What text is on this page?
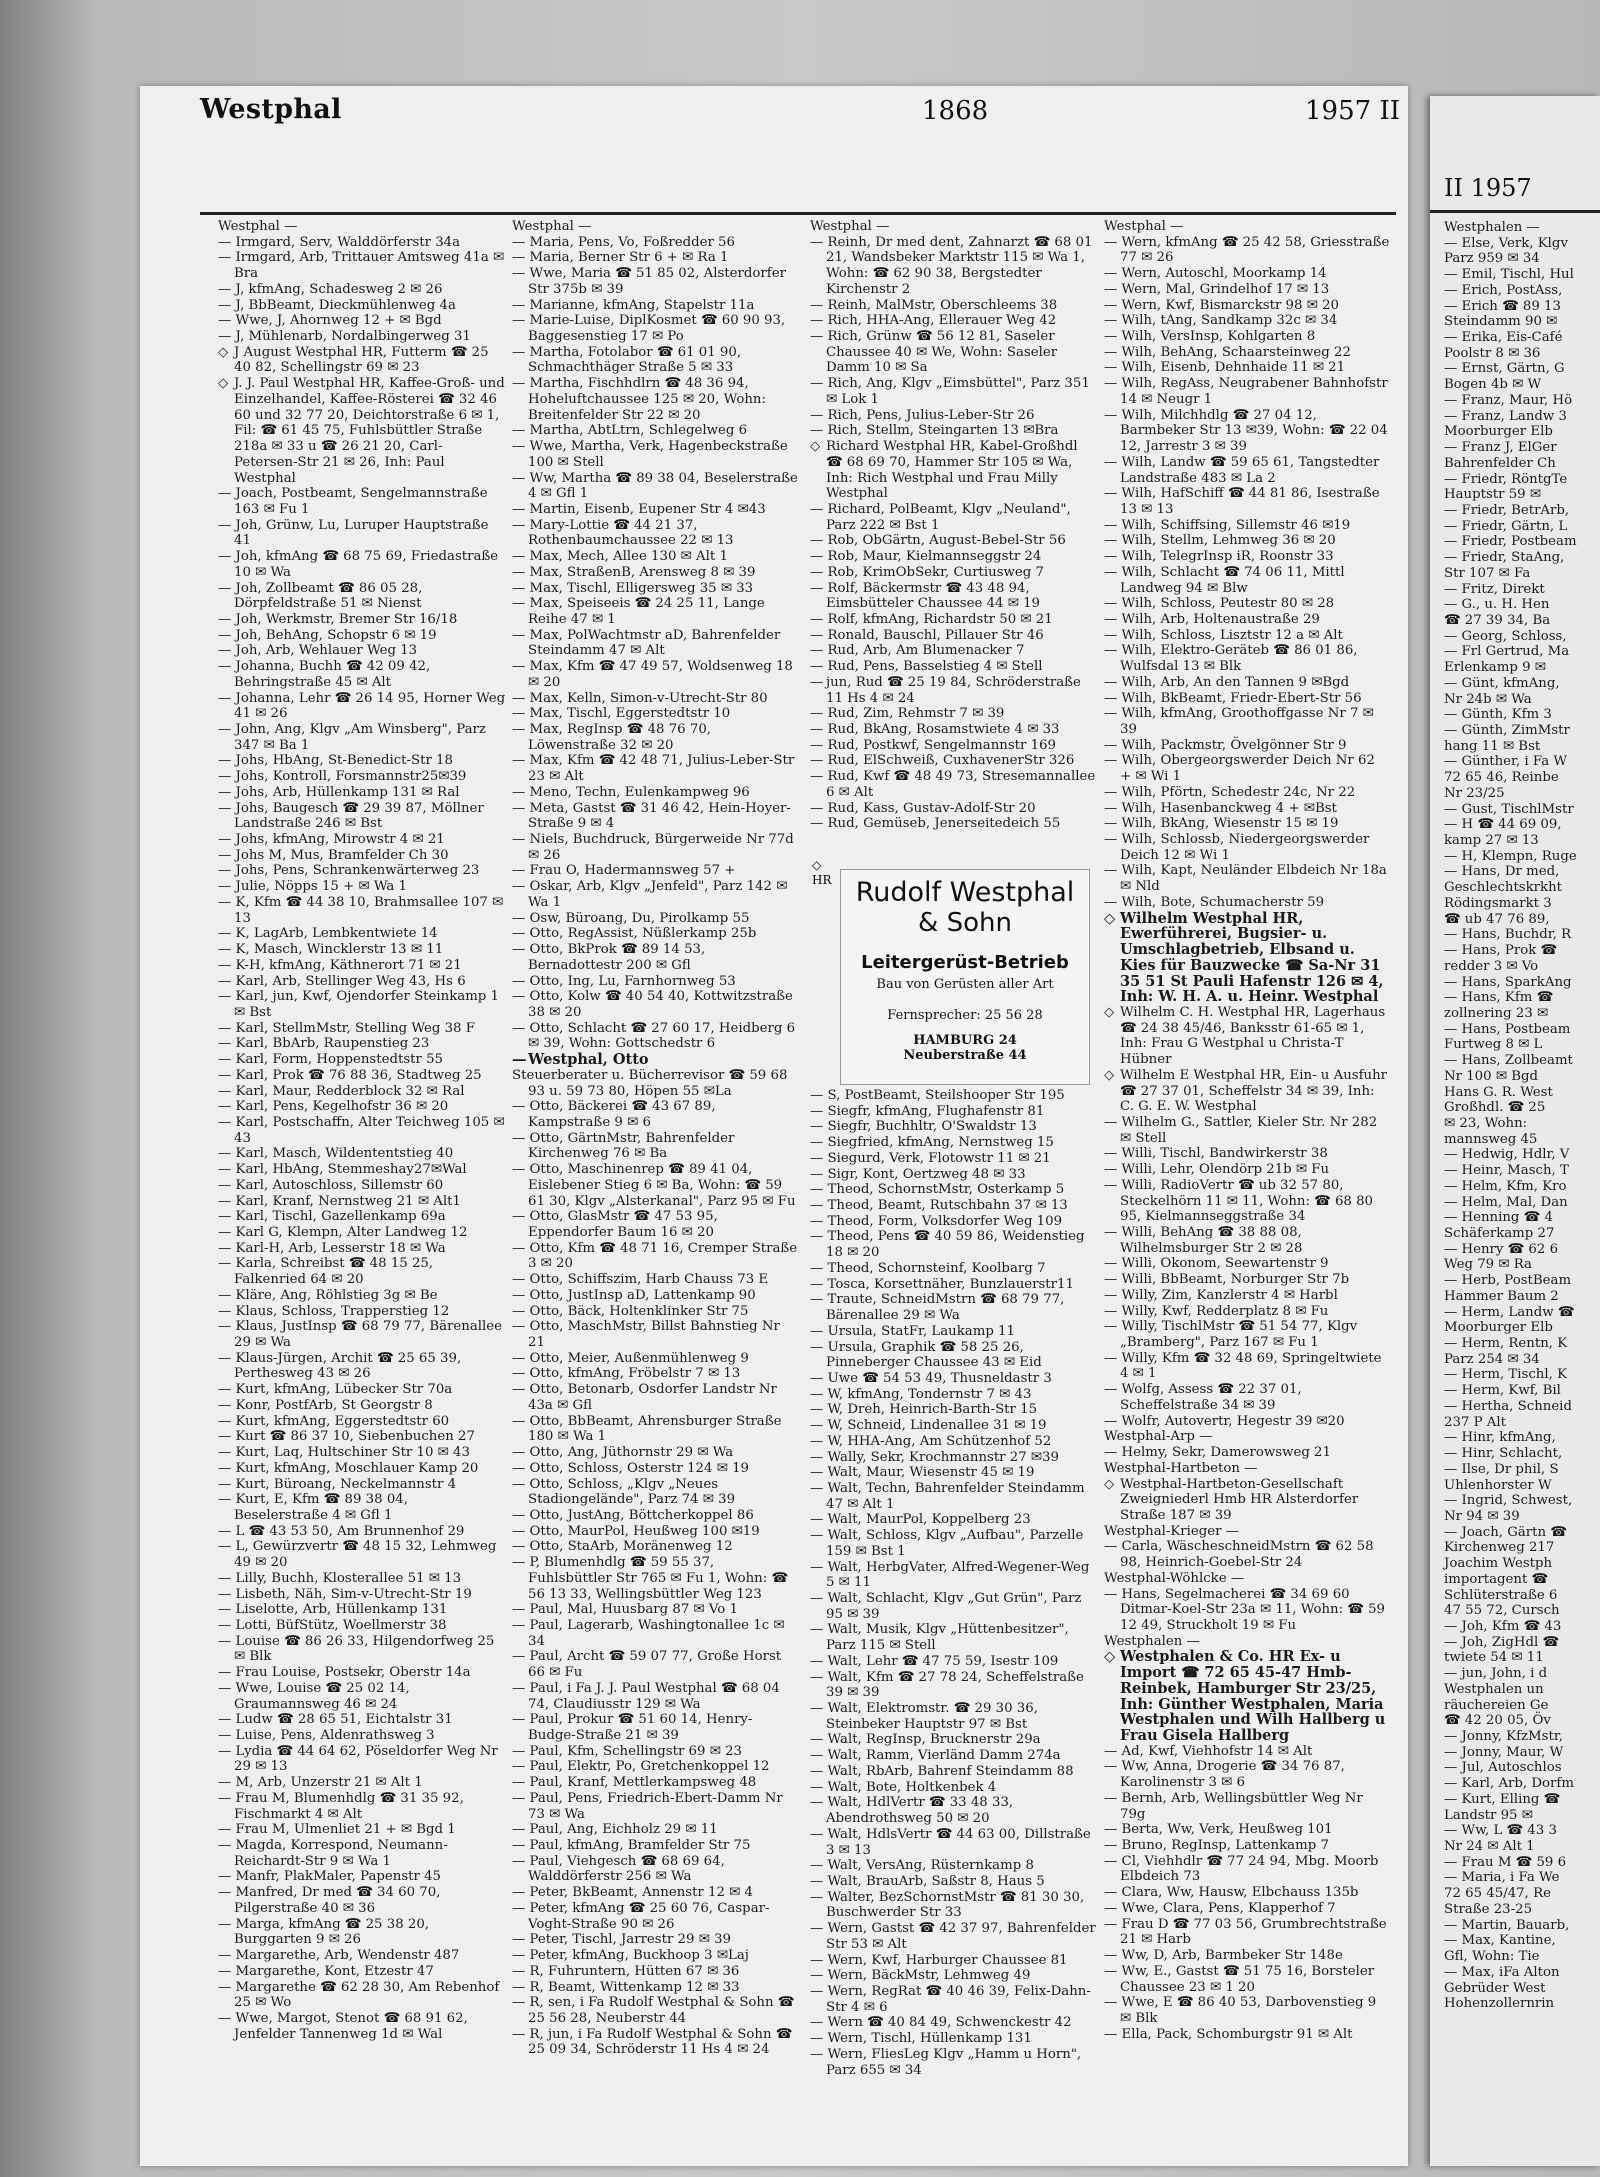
Westphal	1868	1957 II
Westphal —
— Irmgard, Serv, Walddörferstr 34a
— Irmgard, Arb, Trittauer Amtsweg 41a ✉ Bra
— J, kfmAng, Schadesweg 2 ✉ 26
— J, BbBeamt, Dieckmühlenweg 4a
— Wwe, J, Ahornweg 12 + ✉ Bgd
— J, Mühlenarb, Nordalbingerweg 31
◇ J August Westphal HR, Futterm ☎ 25 40 82, Schellingstr 69 ✉ 23
◇ J. J. Paul Westphal HR, Kaffee-Groß- und Einzelhandel, Kaffee-Rösterei ☎ 32 46 60 und 32 77 20, Deichtorstraße 6 ✉ 1, Fil: ☎ 61 45 75, Fuhlsbüttler Straße 218a ✉ 33 u ☎ 26 21 20, Carl-Petersen-Str 21 ✉ 26, Inh: Paul Westphal
— Joach, Postbeamt, Sengelmannstraße 163 ✉ Fu 1
— Joh, Grünw, Lu, Luruper Hauptstraße 41
— Joh, kfmAng ☎ 68 75 69, Friedastraße 10 ✉ Wa
— Joh, Zollbeamt ☎ 86 05 28, Dörpfeldstraße 51 ✉ Nienst
— Joh, Werkmstr, Bremer Str 16/18
— Joh, BehAng, Schopstr 6 ✉ 19
— Joh, Arb, Wehlauer Weg 13
— Johanna, Buchh ☎ 42 09 42, Behringstraße 45 ✉ Alt
— Johanna, Lehr ☎ 26 14 95, Horner Weg 41 ✉ 26
— John, Ang, Klgv „Am Winsberg", Parz 347 ✉ Ba 1
— Johs, HbAng, St-Benedict-Str 18
— Johs, Kontroll, Forsmannstr25✉39
— Johs, Arb, Hüllenkamp 131 ✉ Ral
— Johs, Baugesch ☎ 29 39 87, Möllner Landstraße 246 ✉ Bst
— Johs, kfmAng, Mirowstr 4 ✉ 21
— Johs M, Mus, Bramfelder Ch 30
— Johs, Pens, Schrankenwärterweg 23
— Julie, Nöpps 15 + ✉ Wa 1
— K, Kfm ☎ 44 38 10, Brahmsallee 107 ✉ 13
— K, LagArb, Lembkentwiete 14
— K, Masch, Wincklerstr 13 ✉ 11
— K-H, kfmAng, Käthnerort 71 ✉ 21
— Karl, Arb, Stellinger Weg 43, Hs 6
— Karl, jun, Kwf, Ojendorfer Steinkamp 1 ✉ Bst
— Karl, StellmMstr, Stelling Weg 38 F
— Karl, BbArb, Raupenstieg 23
— Karl, Form, Hoppenstedtstr 55
— Karl, Prok ☎ 76 88 36, Stadtweg 25
— Karl, Maur, Redderblock 32 ✉ Ral
— Karl, Pens, Kegelhofstr 36 ✉ 20
— Karl, Postschaffn, Alter Teichweg 105 ✉ 43
— Karl, Masch, Wildententstieg 40
— Karl, HbAng, Stemmeshay27✉Wal
— Karl, Autoschloss, Sillemstr 60
— Karl, Kranf, Nernstweg 21 ✉ Alt1
— Karl, Tischl, Gazellenkamp 69a
— Karl G, Klempn, Alter Landweg 12
— Karl-H, Arb, Lesserstr 18 ✉ Wa
— Karla, Schreibst ☎ 48 15 25, Falkenried 64 ✉ 20
— Kläre, Ang, Röhlstieg 3g ✉ Be
— Klaus, Schloss, Trapperstieg 12
— Klaus, JustInsp ☎ 68 79 77, Bärenallee 29 ✉ Wa
— Klaus-Jürgen, Archit ☎ 25 65 39, Perthesweg 43 ✉ 26
— Kurt, kfmAng, Lübecker Str 70a
— Konr, PostfArb, St Georgstr 8
— Kurt, kfmAng, Eggerstedtstr 60
— Kurt ☎ 86 37 10, Siebenbuchen 27
— Kurt, Laq, Hultschiner Str 10 ✉ 43
— Kurt, kfmAng, Moschlauer Kamp 20
— Kurt, Büroang, Neckelmannstr 4
— Kurt, E, Kfm ☎ 89 38 04, Beselerstraße 4 ✉ Gfl 1
— L ☎ 43 53 50, Am Brunnenhof 29
— L, Gewürzvertr ☎ 48 15 32, Lehmweg 49 ✉ 20
— Lilly, Buchh, Klosterallee 51 ✉ 13
— Lisbeth, Näh, Sim-v-Utrecht-Str 19
— Liselotte, Arb, Hüllenkamp 131
— Lotti, BüfStütz, Woellmerstr 38
— Louise ☎ 86 26 33, Hilgendorfweg 25 ✉ Blk
— Frau Louise, Postsekr, Oberstr 14a
— Wwe, Louise ☎ 25 02 14, Graumannsweg 46 ✉ 24
— Ludw ☎ 28 65 51, Eichtalstr 31
— Luise, Pens, Aldenrathsweg 3
— Lydia ☎ 44 64 62, Pöseldorfer Weg Nr 29 ✉ 13
— M, Arb, Unzerstr 21 ✉ Alt 1
— Frau M, Blumenhdlg ☎ 31 35 92, Fischmarkt 4 ✉ Alt
— Frau M, Ulmenliet 21 + ✉ Bgd 1
— Magda, Korrespond, Neumann-Reichardt-Str 9 ✉ Wa 1
— Manfr, PlakMaler, Papenstr 45
— Manfred, Dr med ☎ 34 60 70, Pilgerstraße 40 ✉ 36
— Marga, kfmAng ☎ 25 38 20, Burggarten 9 ✉ 26
— Margarethe, Arb, Wendenstr 487
— Margarethe, Kont, Etzestr 47
— Margarethe ☎ 62 28 30, Am Rebenhof 25 ✉ Wo
— Wwe, Margot, Stenot ☎ 68 91 62, Jenfelder Tannenweg 1d ✉ Wal
Westphal —
— Maria, Pens, Vo, Foßredder 56
— Maria, Berner Str 6 + ✉ Ra 1
— Wwe, Maria ☎ 51 85 02, Alsterdorfer Str 375b ✉ 39
— Marianne, kfmAng, Stapelstr 11a
— Marie-Luise, DiplKosmet ☎ 60 90 93, Baggesenstieg 17 ✉ Po
— Martha, Fotolabor ☎ 61 01 90, Schmachthäger Straße 5 ✉ 33
— Martha, Fischhdlrn ☎ 48 36 94, Hoheluftchaussee 125 ✉ 20, Wohn: Breitenfelder Str 22 ✉ 20
— Martha, AbtLtrn, Schlegelweg 6
— Wwe, Martha, Verk, Hagenbeckstraße 100 ✉ Stell
— Ww, Martha ☎ 89 38 04, Beselerstraße 4 ✉ Gfl 1
— Martin, Eisenb, Eupener Str 4 ✉43
— Mary-Lottie ☎ 44 21 37, Rothenbaumchaussee 22 ✉ 13
— Max, Mech, Allee 130 ✉ Alt 1
— Max, StraßenB, Arensweg 8 ✉ 39
— Max, Tischl, Elligersweg 35 ✉ 33
— Max, Speiseeis ☎ 24 25 11, Lange Reihe 47 ✉ 1
— Max, PolWachtmstr aD, Bahrenfelder Steindamm 47 ✉ Alt
— Max, Kfm ☎ 47 49 57, Woldsenweg 18 ✉ 20
— Max, Kelln, Simon-v-Utrecht-Str 80
— Max, Tischl, Eggerstedtstr 10
— Max, RegInsp ☎ 48 76 70, Löwenstraße 32 ✉ 20
— Max, Kfm ☎ 42 48 71, Julius-Leber-Str 23 ✉ Alt
— Meno, Techn, Eulenkampweg 96
— Meta, Gastst ☎ 31 46 42, Hein-Hoyer-Straße 9 ✉ 4
— Niels, Buchdruck, Bürgerweide Nr 77d ✉ 26
— Frau O, Hadermannsweg 57 +
— Oskar, Arb, Klgv „Jenfeld", Parz 142 ✉ Wa 1
— Osw, Büroang, Du, Pirolkamp 55
— Otto, RegAssist, Nüßlerkamp 25b
— Otto, BkProk ☎ 89 14 53, Bernadottestr 200 ✉ Gfl
— Otto, Ing, Lu, Farnhornweg 53
— Otto, Kolw ☎ 40 54 40, Kottwitzstraße 38 ✉ 20
— Otto, Schlacht ☎ 27 60 17, Heidberg 6 ✉ 39, Wohn: Gottschedstr 6
— Westphal, Otto
Steuerberater u. Bücherrevisor ☎ 59 68 93 u. 59 73 80, Höpen 55 ✉La
— Otto, Bäckerei ☎ 43 67 89, Kampstraße 9 ✉ 6
— Otto, GärtnMstr, Bahrenfelder Kirchenweg 76 ✉ Ba
— Otto, Maschinenrep ☎ 89 41 04, Eislebener Stieg 6 ✉ Ba, Wohn: ☎ 59 61 30, Klgv „Alsterkanal", Parz 95 ✉ Fu
— Otto, GlasMstr ☎ 47 53 95, Eppendorfer Baum 16 ✉ 20
— Otto, Kfm ☎ 48 71 16, Cremper Straße 3 ✉ 20
— Otto, Schiffszim, Harb Chauss 73 E
— Otto, JustInsp aD, Lattenkamp 90
— Otto, Bäck, Holtenklinker Str 75
— Otto, MaschMstr, Billst Bahnstieg Nr 21
— Otto, Meier, Außenmühlenweg 9
— Otto, kfmAng, Fröbelstr 7 ✉ 13
— Otto, Betonarb, Osdorfer Landstr Nr 43a ✉ Gfl
— Otto, BbBeamt, Ahrensburger Straße 180 ✉ Wa 1
— Otto, Ang, Jüthornstr 29 ✉ Wa
— Otto, Schloss, Osterstr 124 ✉ 19
— Otto, Schloss, „Klgv „Neues Stadiongelände", Parz 74 ✉ 39
— Otto, JustAng, Böttcherkoppel 86
— Otto, MaurPol, Heußweg 100 ✉19
— Otto, StaArb, Moränenweg 12
— P, Blumenhdlg ☎ 59 55 37, Fuhlsbüttler Str 765 ✉ Fu 1, Wohn: ☎ 56 13 33, Wellingsbüttler Weg 123
— Paul, Mal, Huusbarg 87 ✉ Vo 1
— Paul, Lagerarb, Washingtonallee 1c ✉ 34
— Paul, Archt ☎ 59 07 77, Große Horst 66 ✉ Fu
— Paul, i Fa J. J. Paul Westphal ☎ 68 04 74, Claudiusstr 129 ✉ Wa
— Paul, Prokur ☎ 51 60 14, Henry-Budge-Straße 21 ✉ 39
— Paul, Kfm, Schellingstr 69 ✉ 23
— Paul, Elektr, Po, Gretchenkoppel 12
— Paul, Kranf, Mettlerkampsweg 48
— Paul, Pens, Friedrich-Ebert-Damm Nr 73 ✉ Wa
— Paul, Ang, Eichholz 29 ✉ 11
— Paul, kfmAng, Bramfelder Str 75
— Paul, Viehgesch ☎ 68 69 64, Walddörferstr 256 ✉ Wa
— Peter, BkBeamt, Annenstr 12 ✉ 4
— Peter, kfmAng ☎ 25 60 76, Caspar-Voght-Straße 90 ✉ 26
— Peter, Tischl, Jarrestr 29 ✉ 39
— Peter, kfmAng, Buckhoop 3 ✉Laj
— R, Fuhruntern, Hütten 67 ✉ 36
— R, Beamt, Wittenkamp 12 ✉ 33
— R, sen, i Fa Rudolf Westphal & Sohn ☎ 25 56 28, Neuberstr 44
— R, jun, i Fa Rudolf Westphal & Sohn ☎ 25 09 34, Schröderstr 11 Hs 4 ✉ 24
Westphal —
— Reinh, Dr med dent, Zahnarzt ☎ 68 01 21, Wandsbeker Marktstr 115 ✉ Wa 1, Wohn: ☎ 62 90 38, Bergstedter Kirchenstr 2
— Reinh, MalMstr, Oberschleems 38
— Rich, HHA-Ang, Ellerauer Weg 42
— Rich, Grünw ☎ 56 12 81, Saseler Chaussee 40 ✉ We, Wohn: Saseler Damm 10 ✉ Sa
— Rich, Ang, Klgv „Eimsbüttel", Parz 351 ✉ Lok 1
— Rich, Pens, Julius-Leber-Str 26
— Rich, Stellm, Steingarten 13 ✉Bra
◇ Richard Westphal HR, Kabel-Großhdl ☎ 68 69 70, Hammer Str 105 ✉ Wa, Inh: Rich Westphal und Frau Milly Westphal
— Richard, PolBeamt, Klgv „Neuland", Parz 222 ✉ Bst 1
— Rob, ObGärtn, August-Bebel-Str 56
— Rob, Maur, Kielmannseggstr 24
— Rob, KrimObSekr, Curtiusweg 7
— Rolf, Bäckermstr ☎ 43 48 94, Eimsbütteler Chaussee 44 ✉ 19
— Rolf, kfmAng, Richardstr 50 ✉ 21
— Ronald, Bauschl, Pillauer Str 46
— Rud, Arb, Am Blumenacker 7
— Rud, Pens, Basselstieg 4 ✉ Stell
— jun, Rud ☎ 25 19 84, Schröderstraße 11 Hs 4 ✉ 24
— Rud, Zim, Rehmstr 7 ✉ 39
— Rud, BkAng, Rosamstwiete 4 ✉ 33
— Rud, Postkwf, Sengelmannstr 169
— Rud, ElSchweiß, CuxhavenerStr 326
— Rud, Kwf ☎ 48 49 73, Stresemannallee 6 ✉ Alt
— Rud, Kass, Gustav-Adolf-Str 20
— Rud, Gemüseb, Jenerseitedeich 55
Rudolf Westphal
& Sohn
Leitergerüst-Betrieb
Bau von Gerüsten aller Art
Fernsprecher: 25 56 28
HAMBURG 24
Neuberstraße 44
◇
HR
— S, PostBeamt, Steilshooper Str 195
— Siegfr, kfmAng, Flughafenstr 81
— Siegfr, Buchhltr, O'Swaldstr 13
— Siegfried, kfmAng, Nernstweg 15
— Siegurd, Verk, Flotowstr 11 ✉ 21
— Sigr, Kont, Oertzweg 48 ✉ 33
— Theod, SchornstMstr, Osterkamp 5
— Theod, Beamt, Rutschbahn 37 ✉ 13
— Theod, Form, Volksdorfer Weg 109
— Theod, Pens ☎ 40 59 86, Weidenstieg 18 ✉ 20
— Theod, Schornsteinf, Koolbarg 7
— Tosca, Korsettnäher, Bunzlauerstr11
— Traute, SchneidMstrn ☎ 68 79 77, Bärenallee 29 ✉ Wa
— Ursula, StatFr, Laukamp 11
— Ursula, Graphik ☎ 58 25 26, Pinneberger Chaussee 43 ✉ Eid
— Uwe ☎ 54 53 49, Thusneldastr 3
— W, kfmAng, Tondernstr 7 ✉ 43
— W, Dreh, Heinrich-Barth-Str 15
— W, Schneid, Lindenallee 31 ✉ 19
— W, HHA-Ang, Am Schützenhof 52
— Wally, Sekr, Krochmannstr 27 ✉39
— Walt, Maur, Wiesenstr 45 ✉ 19
— Walt, Techn, Bahrenfelder Steindamm 47 ✉ Alt 1
— Walt, MaurPol, Koppelberg 23
— Walt, Schloss, Klgv „Aufbau", Parzelle 159 ✉ Bst 1
— Walt, HerbgVater, Alfred-Wegener-Weg 5 ✉ 11
— Walt, Schlacht, Klgv „Gut Grün", Parz 95 ✉ 39
— Walt, Musik, Klgv „Hüttenbesitzer", Parz 115 ✉ Stell
— Walt, Lehr ☎ 47 75 59, Isestr 109
— Walt, Kfm ☎ 27 78 24, Scheffelstraße 39 ✉ 39
— Walt, Elektromstr. ☎ 29 30 36, Steinbeker Hauptstr 97 ✉ Bst
— Walt, RegInsp, Brucknerstr 29a
— Walt, Ramm, Vierländ Damm 274a
— Walt, RbArb, Bahrenf Steindamm 88
— Walt, Bote, Holtkenbek 4
— Walt, HdlVertr ☎ 33 48 33, Abendrothsweg 50 ✉ 20
— Walt, HdlsVertr ☎ 44 63 00, Dillstraße 3 ✉ 13
— Walt, VersAng, Rüsternkamp 8
— Walt, BrauArb, Saßstr 8, Haus 5
— Walter, BezSchornstMstr ☎ 81 30 30, Buschwerder Str 33
— Wern, Gastst ☎ 42 37 97, Bahrenfelder Str 53 ✉ Alt
— Wern, Kwf, Harburger Chaussee 81
— Wern, BäckMstr, Lehmweg 49
— Wern, RegRat ☎ 40 46 39, Felix-Dahn-Str 4 ✉ 6
— Wern ☎ 40 84 49, Schwenckestr 42
— Wern, Tischl, Hüllenkamp 131
— Wern, FliesLeg Klgv „Hamm u Horn", Parz 655 ✉ 34
Westphal —
— Wern, kfmAng ☎ 25 42 58, Griesstraße 77 ✉ 26
— Wern, Autoschl, Moorkamp 14
— Wern, Mal, Grindelhof 17 ✉ 13
— Wern, Kwf, Bismarckstr 98 ✉ 20
— Wilh, tAng, Sandkamp 32c ✉ 34
— Wilh, VersInsp, Kohlgarten 8
— Wilh, BehAng, Schaarsteinweg 22
— Wilh, Eisenb, Dehnhaide 11 ✉ 21
— Wilh, RegAss, Neugrabener Bahnhofstr 14 ✉ Neugr 1
— Wilh, Milchhdlg ☎ 27 04 12, Barmbeker Str 13 ✉39, Wohn: ☎ 22 04 12, Jarrestr 3 ✉ 39
— Wilh, Landw ☎ 59 65 61, Tangstedter Landstraße 483 ✉ La 2
— Wilh, HafSchiff ☎ 44 81 86, Isestraße 13 ✉ 13
— Wilh, Schiffsing, Sillemstr 46 ✉19
— Wilh, Stellm, Lehmweg 36 ✉ 20
— Wilh, TelegrInsp iR, Roonstr 33
— Wilh, Schlacht ☎ 74 06 11, Mittl Landweg 94 ✉ Blw
— Wilh, Schloss, Peutestr 80 ✉ 28
— Wilh, Arb, Holtenaustraße 29
— Wilh, Schloss, Lisztstr 12 a ✉ Alt
— Wilh, Elektro-Geräteb ☎ 86 01 86, Wulfsdal 13 ✉ Blk
— Wilh, Arb, An den Tannen 9 ✉Bgd
— Wilh, BkBeamt, Friedr-Ebert-Str 56
— Wilh, kfmAng, Groothoffgasse Nr 7 ✉ 39
— Wilh, Packmstr, Övelgönner Str 9
— Wilh, Obergeorgswerder Deich Nr 62 + ✉ Wi 1
— Wilh, Pförtn, Schedestr 24c, Nr 22
— Wilh, Hasenbanckweg 4 + ✉Bst
— Wilh, BkAng, Wiesenstr 15 ✉ 19
— Wilh, Schlossb, Niedergeorgswerder Deich 12 ✉ Wi 1
— Wilh, Kapt, Neuländer Elbdeich Nr 18a ✉ Nld
— Wilh, Bote, Schumacherstr 59
◇ Wilhelm Westphal HR, Ewerführerei, Bugsier- u. Umschlagbetrieb, Elbsand u. Kies für Bauzwecke ☎ Sa-Nr 31 35 51 St Pauli Hafenstr 126 ✉ 4, Inh: W. H. A. u. Heinr. Westphal
◇ Wilhelm C. H. Westphal HR, Lagerhaus ☎ 24 38 45/46, Banksstr 61-65 ✉ 1, Inh: Frau G Westphal u Christa-T Hübner
◇ Wilhelm E Westphal HR, Ein- u Ausfuhr ☎ 27 37 01, Scheffelstr 34 ✉ 39, Inh: C. G. E. W. Westphal
— Wilhelm G., Sattler, Kieler Str. Nr 282 ✉ Stell
— Willi, Tischl, Bandwirkerstr 38
— Willi, Lehr, Olendörp 21b ✉ Fu
— Willi, RadioVertr ☎ ub 32 57 80, Steckelhörn 11 ✉ 11, Wohn: ☎ 68 80 95, Kielmannseggstraße 34
— Willi, BehAng ☎ 38 88 08, Wilhelmsburger Str 2 ✉ 28
— Willi, Okonom, Seewartenstr 9
— Willi, BbBeamt, Norburger Str 7b
— Willy, Zim, Kanzlerstr 4 ✉ Harbl
— Willy, Kwf, Redderplatz 8 ✉ Fu
— Willy, TischlMstr ☎ 51 54 77, Klgv „Bramberg", Parz 167 ✉ Fu 1
— Willy, Kfm ☎ 32 48 69, Springeltwiete 4 ✉ 1
— Wolfg, Assess ☎ 22 37 01, Scheffelstraße 34 ✉ 39
— Wolfr, Autovertr, Hegestr 39 ✉20
Westphal-Arp —
— Helmy, Sekr, Damerowsweg 21
Westphal-Hartbeton —
◇ Westphal-Hartbeton-Gesellschaft Zweigniederl Hmb HR Alsterdorfer Straße 187 ✉ 39
Westphal-Krieger —
— Carla, WäscheschneidMstrn ☎ 62 58 98, Heinrich-Goebel-Str 24
Westphal-Wöhlcke —
— Hans, Segelmacherei ☎ 34 69 60 Ditmar-Koel-Str 23a ✉ 11, Wohn: ☎ 59 12 49, Struckholt 19 ✉ Fu
Westphalen —
◇ Westphalen & Co. HR Ex- u Import ☎ 72 65 45-47 Hmb-Reinbek, Hamburger Str 23/25, Inh: Günther Westphalen, Maria Westphalen und Wilh Hallberg u Frau Gisela Hallberg
— Ad, Kwf, Viehhofstr 14 ✉ Alt
— Ww, Anna, Drogerie ☎ 34 76 87, Karolinenstr 3 ✉ 6
— Bernh, Arb, Wellingsbüttler Weg Nr 79g
— Berta, Ww, Verk, Heußweg 101
— Bruno, RegInsp, Lattenkamp 7
— Cl, Viehhdlr ☎ 77 24 94, Mbg. Moorb Elbdeich 73
— Clara, Ww, Hausw, Elbchauss 135b
— Wwe, Clara, Pens, Klapperhof 7
— Frau D ☎ 77 03 56, Grumbrechtstraße 21 ✉ Harb
— Ww, D, Arb, Barmbeker Str 148e
— Ww, E., Gastst ☎ 51 75 16, Borsteler Chaussee 23 ✉ 1 20
— Wwe, E ☎ 86 40 53, Darbovenstieg 9 ✉ Blk
— Ella, Pack, Schomburgstr 91 ✉ Alt
II 1957
Westphalen —
— Else, Verk, Klgv
Parz 959 ✉ 34
— Emil, Tischl, Hul
— Erich, PostAss,
— Erich ☎ 89 13
Steindamm 90 ✉
— Erika, Eis-Café
Poolstr 8 ✉ 36
— Ernst, Gärtn, G
Bogen 4b ✉ W
— Franz, Maur, Hö
— Franz, Landw 3
Moorburger Elb
— Franz J, ElGer
Bahrenfelder Ch
— Friedr, RöntgTe
Hauptstr 59 ✉
— Friedr, BetrArb,
— Friedr, Gärtn, L
— Friedr, Postbeam
— Friedr, StaAng,
Str 107 ✉ Fa
— Fritz, Direkt
— G., u. H. Hen
☎ 27 39 34, Ba
— Georg, Schloss,
— Frl Gertrud, Ma
Erlenkamp 9 ✉
— Günt, kfmAng,
Nr 24b ✉ Wa
— Günth, Kfm 3
— Günth, ZimMstr
hang 11 ✉ Bst
— Günther, i Fa W
72 65 46, Reinbe
Nr 23/25
— Gust, TischlMstr
— H ☎ 44 69 09,
kamp 27 ✉ 13
— H, Klempn, Ruge
— Hans, Dr med,
Geschlechtskrkht
Rödingsmarkt 3
☎ ub 47 76 89,
— Hans, Buchdr, R
— Hans, Prok ☎
redder 3 ✉ Vo
— Hans, SparkAng
— Hans, Kfm ☎
zollnering 23 ✉
— Hans, Postbeam
Furtweg 8 ✉ L
— Hans, Zollbeamt
Nr 100 ✉ Bgd
Hans G. R. West
Großhdl. ☎ 25
✉ 23, Wohn:
mannsweg 45
— Hedwig, Hdlr, V
— Heinr, Masch, T
— Helm, Kfm, Kro
— Helm, Mal, Dan
— Henning ☎ 4
Schäferkamp 27
— Henry ☎ 62 6
Weg 79 ✉ Ra
— Herb, PostBeam
Hammer Baum 2
— Herm, Landw ☎
Moorburger Elb
— Herm, Rentn, K
Parz 254 ✉ 34
— Herm, Tischl, K
— Herm, Kwf, Bil
— Hertha, Schneid
237 P Alt
— Hinr, kfmAng,
— Hinr, Schlacht,
— Ilse, Dr phil, S
Uhlenhorster W
— Ingrid, Schwest,
Nr 94 ✉ 39
— Joach, Gärtn ☎
Kirchenweg 217
Joachim Westph
importagent ☎
Schlüterstraße 6
47 55 72, Cursch
— Joh, Kfm ☎ 43
— Joh, ZigHdl ☎
twiete 54 ✉ 11
— jun, John, i d
Westphalen un
räuchereien Ge
☎ 42 20 05, Öv
— Jonny, KfzMstr,
— Jonny, Maur, W
— Jul, Autoschlos
— Karl, Arb, Dorfm
— Kurt, Elling ☎
Landstr 95 ✉
— Ww, L ☎ 43 3
Nr 24 ✉ Alt 1
— Frau M ☎ 59 6
— Maria, i Fa We
72 65 45/47, Re
Straße 23-25
— Martin, Bauarb,
— Max, Kantine,
Gfl, Wohn: Tie
— Max, iFa Alton
Gebrüder West
Hohenzollernrin
